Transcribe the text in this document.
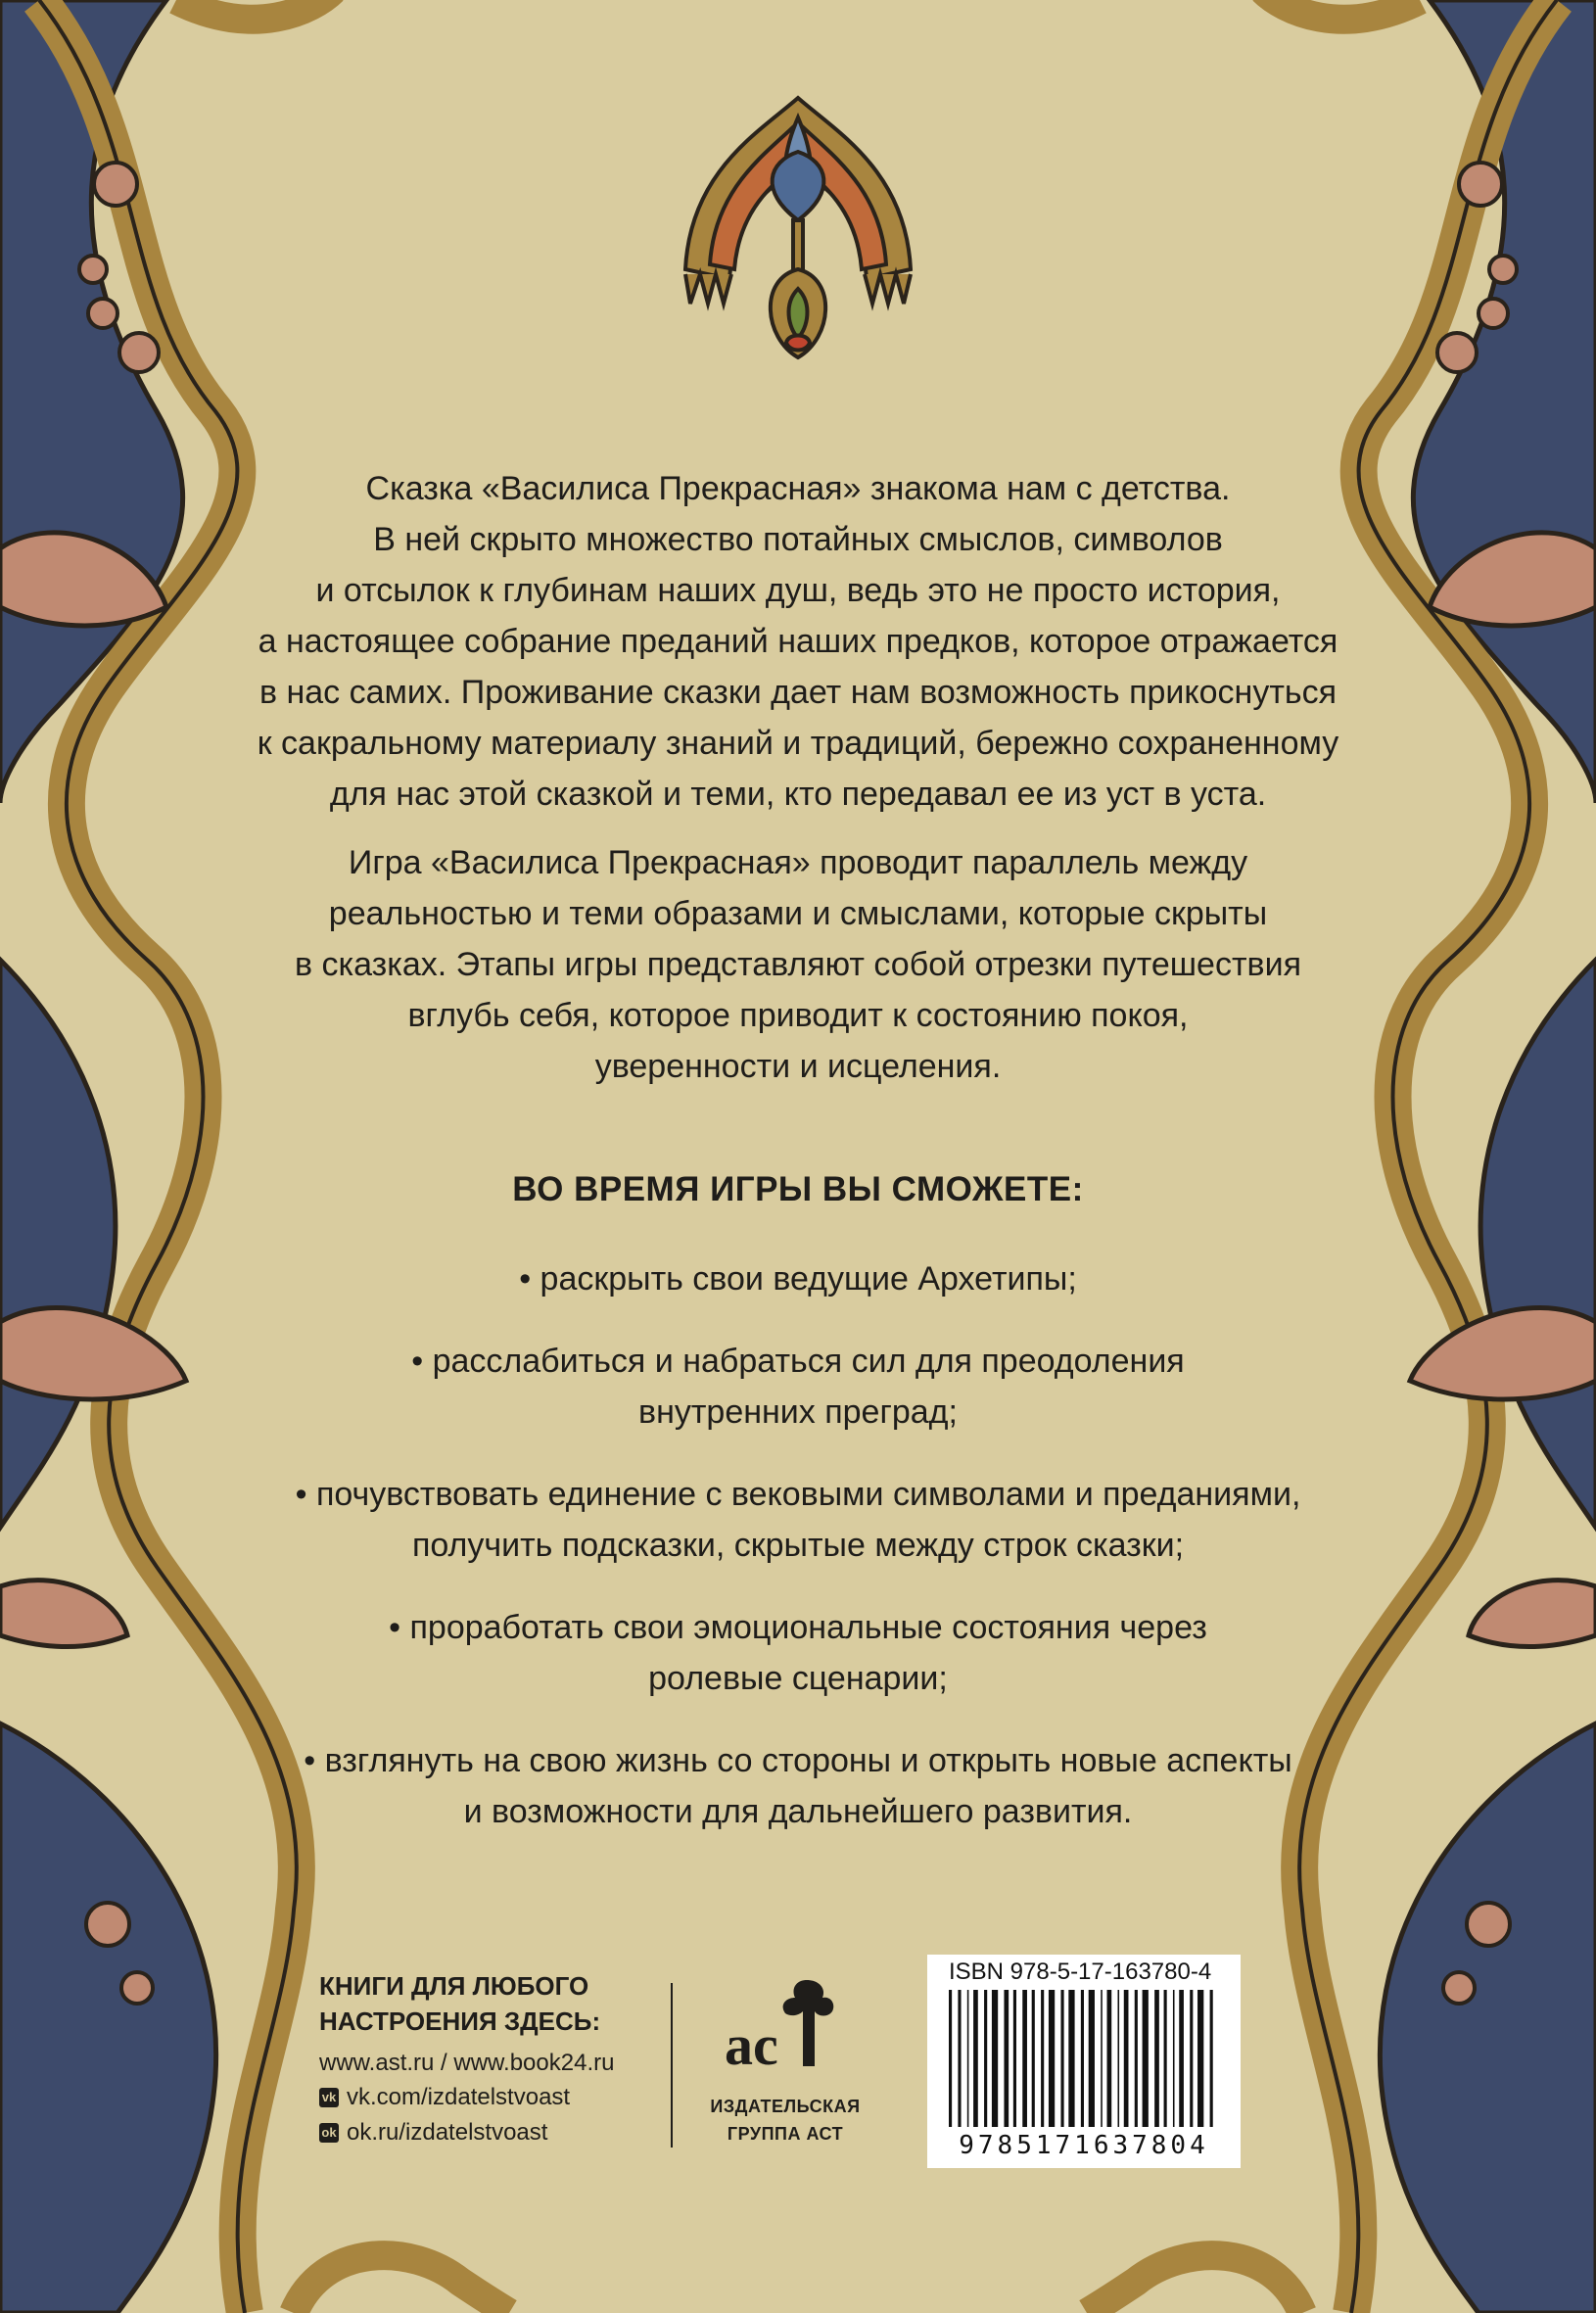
Сказка «Василиса Прекрасная» знакома нам с детства.
В ней скрыто множество потайных смыслов, символов
и отсылок к глубинам наших душ, ведь это не просто история,
а настоящее собрание преданий наших предков, которое отражается
в нас самих. Проживание сказки дает нам возможность прикоснуться
к сакральному материалу знаний и традиций, бережно сохраненному
для нас этой сказкой и теми, кто передавал ее из уст в уста.
Игра «Василиса Прекрасная» проводит параллель между
реальностью и теми образами и смыслами, которые скрыты
в сказках. Этапы игры представляют собой отрезки путешествия
вглубь себя, которое приводит к состоянию покоя,
уверенности и исцеления.
ВО ВРЕМЯ ИГРЫ ВЫ СМОЖЕТЕ:

• раскрыть свои ведущие Архетипы;

• расслабиться и набраться сил для преодоления
внутренних преград;

• почувствовать единение с вековыми символами и преданиями,
получить подсказки, скрытые между строк сказки;

• проработать свои эмоциональные состояния через
ролевые сценарии;

• взглянуть на свою жизнь со стороны и открыть новые аспекты
и возможности для дальнейшего развития.

КНИГИ ДЛЯ ЛЮБОГО
НАСТРОЕНИЯ ЗДЕСЬ:
www.ast.ru / www.book24.ru
vk vk.com/izdatelstvoast
ok ok.ru/izdatelstvoast
ас
ИЗДАТЕЛЬСКАЯ
ГРУППА АСТ
ISBN 978-5-17-163780-4
9785171637804
